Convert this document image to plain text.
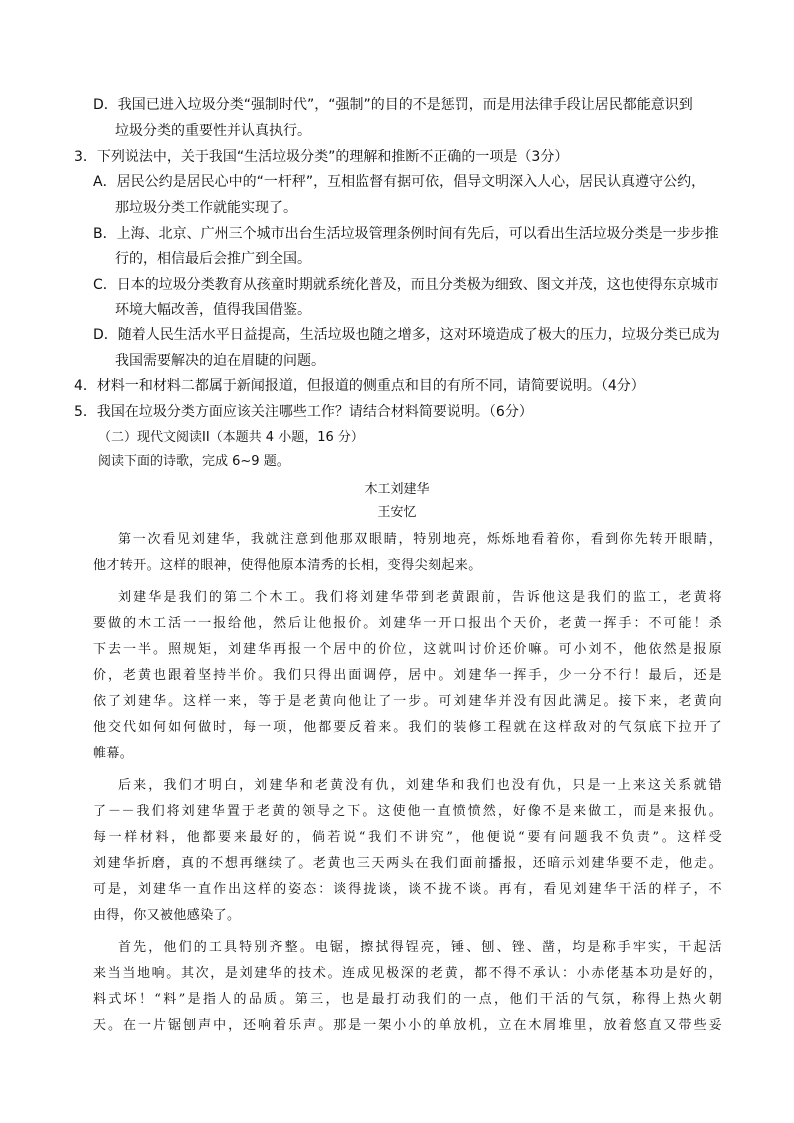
D．我国已进入垃圾分类“强制时代”，“强制”的目的不是惩罚，而是用法律手段让居民都能意识到
垃圾分类的重要性并认真执行。
3．下列说法中，关于我国“生活垃圾分类”的理解和推断不正确的一项是（3分）
A．居民公约是居民心中的“一杆秤”，互相监督有据可依，倡导文明深入人心，居民认真遵守公约，
那垃圾分类工作就能实现了。
B．上海、北京、广州三个城市出台生活垃圾管理条例时间有先后，可以看出生活垃圾分类是一步步推
行的，相信最后会推广到全国。
C．日本的垃圾分类教育从孩童时期就系统化普及，而且分类极为细致、图文并茂，这也使得东京城市
环境大幅改善，值得我国借鉴。
D．随着人民生活水平日益提高，生活垃圾也随之增多，这对环境造成了极大的压力，垃圾分类已成为
我国需要解决的迫在眉睫的问题。
4．材料一和材料二都属于新闻报道，但报道的侧重点和目的有所不同，请简要说明。（4分）
5．我国在垃圾分类方面应该关注哪些工作？请结合材料简要说明。（6分）
（二）现代文阅读II（本题共 4 小题，16 分）
阅读下面的诗歌，完成 6~9 题。
木工刘建华
王安忆
第一次看见刘建华，我就注意到他那双眼睛，特别地亮，烁烁地看着你，看到你先转开眼睛，
他才转开。这样的眼神，使得他原本清秀的长相，变得尖刻起来。
刘建华是我们的第二个木工。我们将刘建华带到老黄跟前，告诉他这是我们的监工，老黄将
要做的木工活一一报给他，然后让他报价。刘建华一开口报出个天价，老黄一挥手：不可能！杀
下去一半。照规矩，刘建华再报一个居中的价位，这就叫讨价还价嘛。可小刘不，他依然是报原
价，老黄也跟着坚持半价。我们只得出面调停，居中。刘建华一挥手，少一分不行！最后，还是
依了刘建华。这样一来，等于是老黄向他让了一步。可刘建华并没有因此满足。接下来，老黄向
他交代如何如何做时，每一项，他都要反着来。我们的装修工程就在这样敌对的气氛底下拉开了
帷幕。
后来，我们才明白，刘建华和老黄没有仇，刘建华和我们也没有仇，只是一上来这关系就错
了－－我们将刘建华置于老黄的领导之下。这使他一直愤愤然，好像不是来做工，而是来报仇。
每一样材料，他都要来最好的，倘若说“我们不讲究”，他便说“要有问题我不负责”。这样受
刘建华折磨，真的不想再继续了。老黄也三天两头在我们面前播报，还暗示刘建华要不走，他走。
可是，刘建华一直作出这样的姿态：谈得拢谈，谈不拢不谈。再有，看见刘建华干活的样子，不
由得，你又被他感染了。
首先，他们的工具特别齐整。电锯，擦拭得锃亮，锤、刨、锉、凿，均是称手牢实，干起活
来当当地响。其次，是刘建华的技术。连成见极深的老黄，都不得不承认：小赤佬基本功是好的，
料式坏！“料”是指人的品质。第三，也是最打动我们的一点，他们干活的气氛，称得上热火朝
天。在一片锯刨声中，还响着乐声。那是一架小小的单放机，立在木屑堆里，放着悠直又带些妥
